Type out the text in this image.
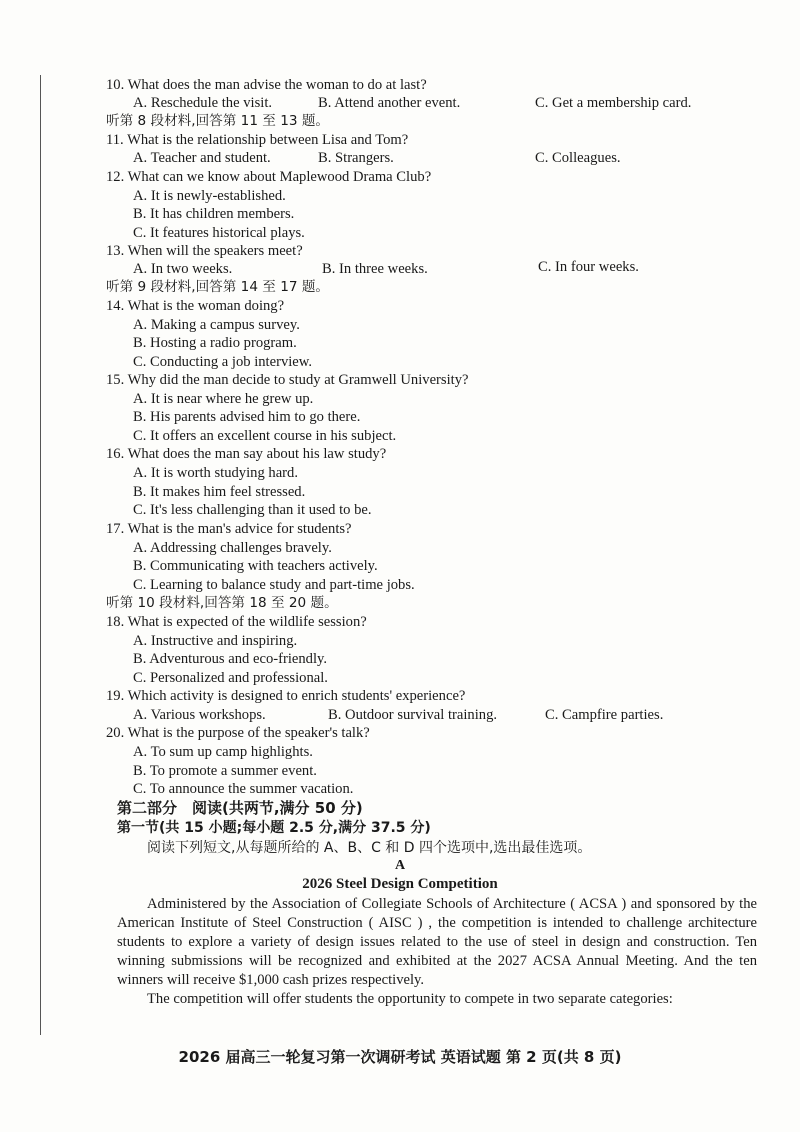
10. What does the man advise the woman to do at last?
A. Reschedule the visit.	B. Attend another event.	C. Get a membership card.
听第 8 段材料,回答第 11 至 13 题。
11. What is the relationship between Lisa and Tom?
A. Teacher and student.	B. Strangers.	C. Colleagues.
12. What can we know about Maplewood Drama Club?
A. It is newly-established.
B. It has children members.
C. It features historical plays.
13. When will the speakers meet?
A. In two weeks.	B. In three weeks.	C. In four weeks.
听第 9 段材料,回答第 14 至 17 题。
14. What is the woman doing?
A. Making a campus survey.
B. Hosting a radio program.
C. Conducting a job interview.
15. Why did the man decide to study at Gramwell University?
A. It is near where he grew up.
B. His parents advised him to go there.
C. It offers an excellent course in his subject.
16. What does the man say about his law study?
A. It is worth studying hard.
B. It makes him feel stressed.
C. It's less challenging than it used to be.
17. What is the man's advice for students?
A. Addressing challenges bravely.
B. Communicating with teachers actively.
C. Learning to balance study and part-time jobs.
听第 10 段材料,回答第 18 至 20 题。
18. What is expected of the wildlife session?
A. Instructive and inspiring.
B. Adventurous and eco-friendly.
C. Personalized and professional.
19. Which activity is designed to enrich students' experience?
A. Various workshops.	B. Outdoor survival training.	C. Campfire parties.
20. What is the purpose of the speaker's talk?
A. To sum up camp highlights.
B. To promote a summer event.
C. To announce the summer vacation.
第二部分　阅读(共两节,满分 50 分)
第一节(共 15 小题;每小题 2.5 分,满分 37.5 分)
阅读下列短文,从每题所给的 A、B、C 和 D 四个选项中,选出最佳选项。
A
2026 Steel Design Competition
Administered by the Association of Collegiate Schools of Architecture ( ACSA ) and sponsored by the American Institute of Steel Construction ( AISC ) , the competition is intended to challenge architecture students to explore a variety of design issues related to the use of steel in design and construction. Ten winning submissions will be recognized and exhibited at the 2027 ACSA Annual Meeting. And the ten winners will receive $1,000 cash prizes respectively.
The competition will offer students the opportunity to compete in two separate categories:
2026 届高三一轮复习第一次调研考试 英语试题 第 2 页(共 8 页)
